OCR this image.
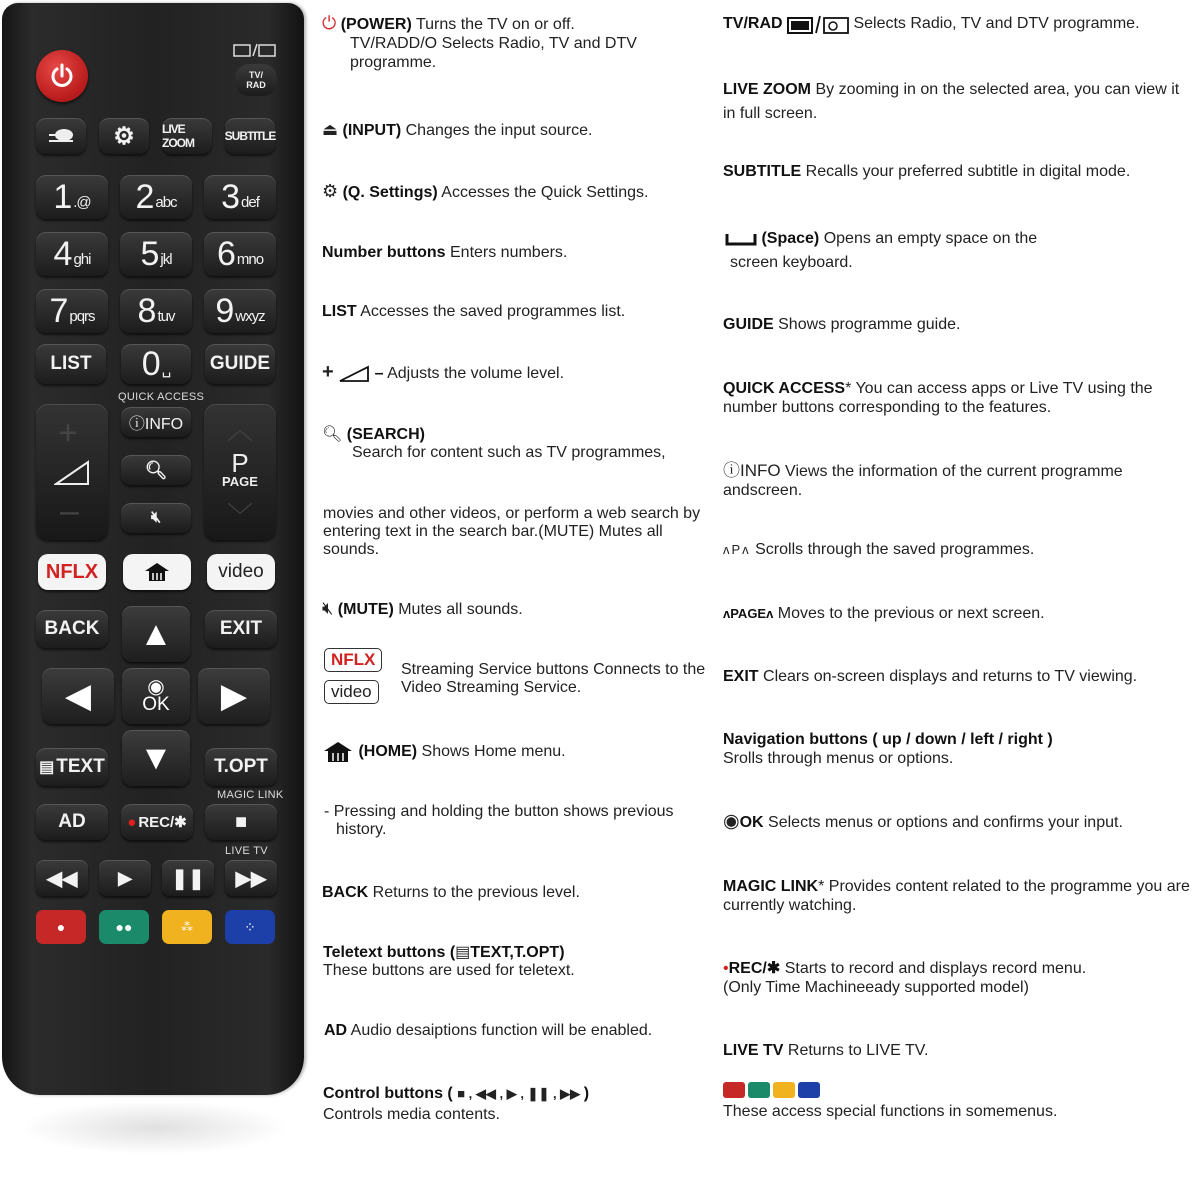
TV/
RAD
⚙ LIVE ZOOM	SUBTITLE
1 .@ 2 abc 3 def
4 ghi 5 jkl 6 mno
7 pqrs 8 tuv 9 wxyz
LIST	0 ␣ GUIDE
QUICK ACCESS
+
–
︿
P
PAGE
﹀
ⓘINFO
🔍︎
🔇︎
NFLX	video
BACK	EXIT
▲
◀	◉
OK ▶
▼
▤ TEXT	T.OPT
MAGIC LINK
AD	● REC/✱ ■
LIVE TV
◀◀ ▶ ❚❚ ▶▶
●	●●	⁂	⁘
⏻ (POWER) Turns the TV on or off.
TV/RADD/O Selects Radio, TV and DTV programme.
⏏ (INPUT) Changes the input source.
⚙ (Q. Settings) Accesses the Quick Settings.
Number buttons Enters numbers.
LIST Accesses the saved programmes list.
+	– Adjusts the volume level.
🔍︎ (SEARCH)
Search for content such as TV programmes,
movies and other videos, or perform a web search by entering text in the search bar.(MUTE) Mutes all sounds.
🔇︎ (MUTE) Mutes all sounds.
NFLX
video
Streaming Service buttons Connects to the Video Streaming Service.
(HOME) Shows Home menu.
- Pressing and holding the button shows previous history.
BACK Returns to the previous level.
Teletext buttons (▤TEXT,T.OPT)
These buttons are used for teletext.
AD Audio desaiptions function will be enabled.
Control buttons ( ■ , ◀◀ , ▶ , ❚❚ , ▶▶ )
Controls media contents.
TV/RAD	Selects Radio, TV and DTV programme.
LIVE ZOOM By zooming in on the selected area, you can view it in full screen.
SUBTITLE Recalls your preferred subtitle in digital mode.
(Space) Opens an empty space on the
screen keyboard.
GUIDE Shows programme guide.
QUICK ACCESS* You can access apps or Live TV using the number buttons corresponding to the features.
ⓘINFO Views the information of the current programme andscreen.
ʌPʌ Scrolls through the saved programmes.
ʌPAGEʌ Moves to the previous or next screen.
EXIT Clears on-screen displays and returns to TV viewing.
Navigation buttons ( up / down / left / right )
Srolls through menus or options.
◉OK Selects menus or options and confirms your input.
MAGIC LINK* Provides content related to the programme you are currently watching.
•REC/✱ Starts to record and displays record menu.
(Only Time Machineeady supported model)
LIVE TV Returns to LIVE TV.
These access special functions in somemenus.
